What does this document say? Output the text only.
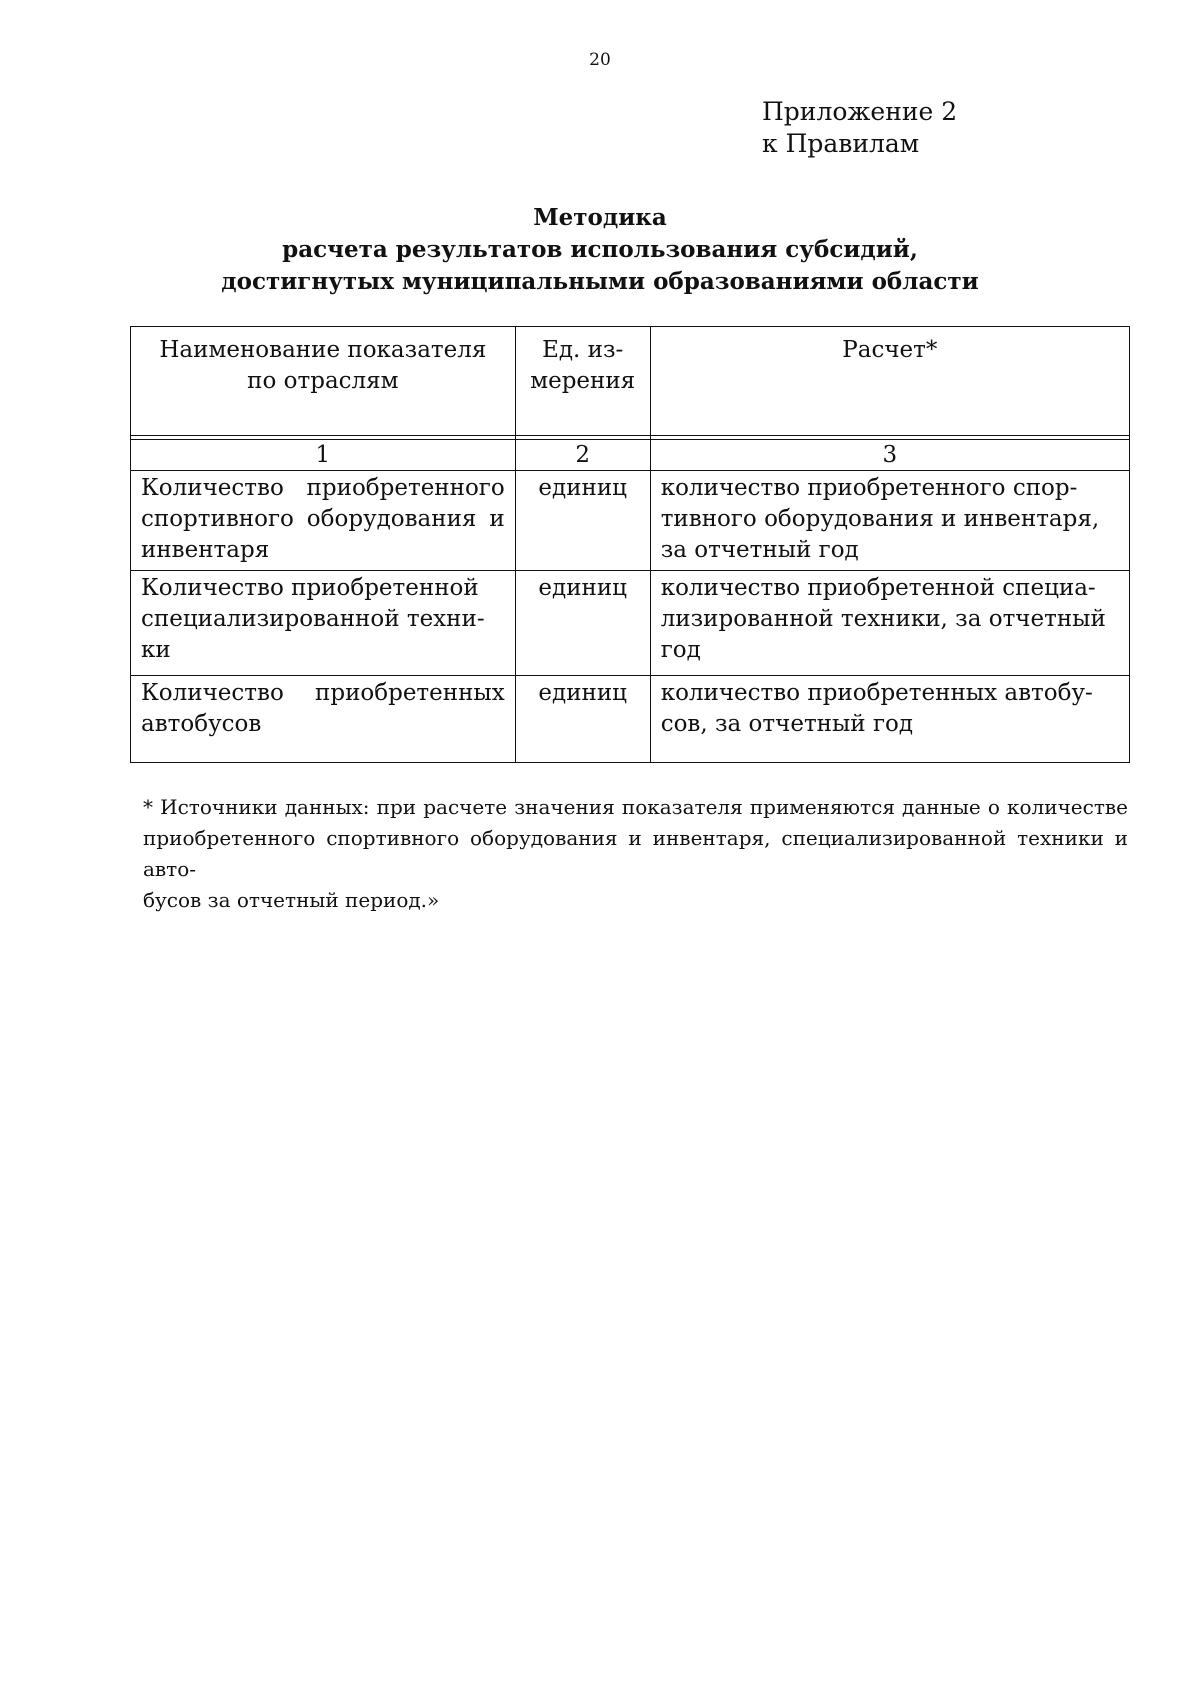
20
Приложение 2
к Правилам
Методика
расчета результатов использования субсидий,
достигнутых муниципальными образованиями области
Наименование показателя
по отраслям	Ед. из-
мерения	Расчет*

1	2	3

Количество приобретенного
спортивного оборудования и
инвентаря	единиц	количество приобретенного спор-
тивного оборудования и инвентаря,
за отчетный год

Количество приобретенной
специализированной техни-
ки	единиц	количество приобретенной специа-
лизированной техники, за отчетный
год

Количество приобретенных
автобусов	единиц	количество приобретенных автобу-
сов, за отчетный год
* Источники данных: при расчете значения показателя применяются данные о количестве
приобретенного спортивного оборудования и инвентаря, специализированной техники и авто-
бусов за отчетный период.»
